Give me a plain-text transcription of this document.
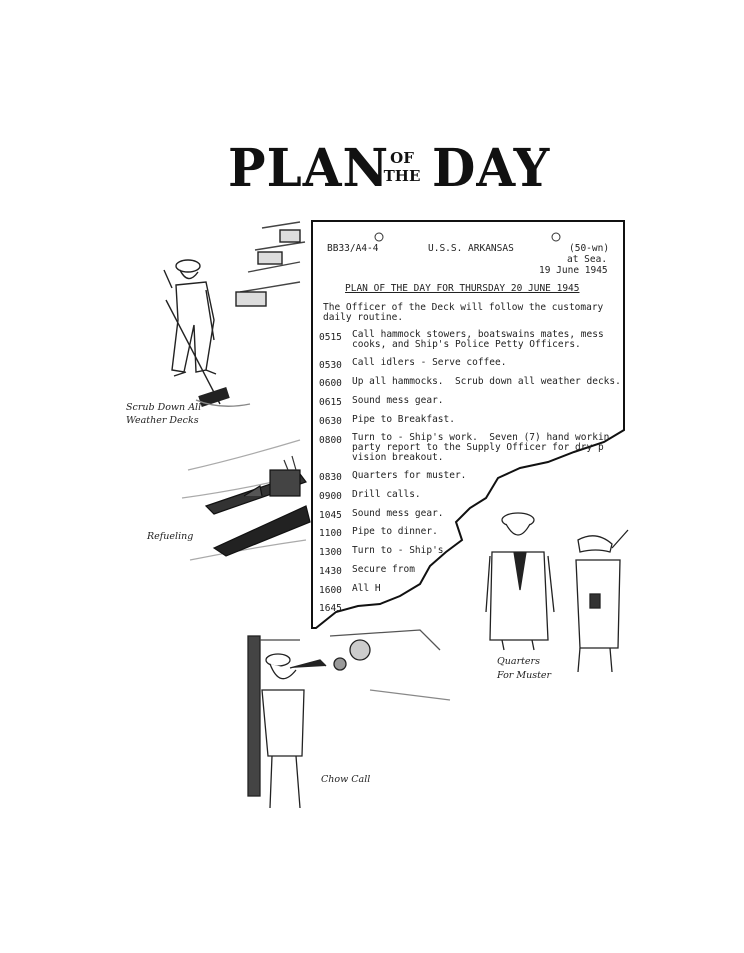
PLAN OF
THE DAY
BB33/A4-4	U.S.S. ARKANSAS	(50-wn)
at Sea.
19 June 1945
PLAN OF THE DAY FOR THURSDAY 20 JUNE 1945
The Officer of the Deck will follow the customary
daily routine.
0515 Call hammock stowers, boatswains mates, mess
cooks, and Ship's Police Petty Officers.
0530 Call idlers - Serve coffee.
0600 Up all hammocks.  Scrub down all weather decks.
0615 Sound mess gear.
0630 Pipe to Breakfast.
0800 Turn to - Ship's work.  Seven (7) hand workin
party report to the Supply Officer for dry p
vision breakout.
0830 Quarters for muster.
0900 Drill calls.
1045 Sound mess gear.
1100 Pipe to dinner.
1300 Turn to - Ship's
1430 Secure from
1600 All H
1645
Scrub Down All
Weather Decks
Refueling
Quarters
For Muster
Chow Call
